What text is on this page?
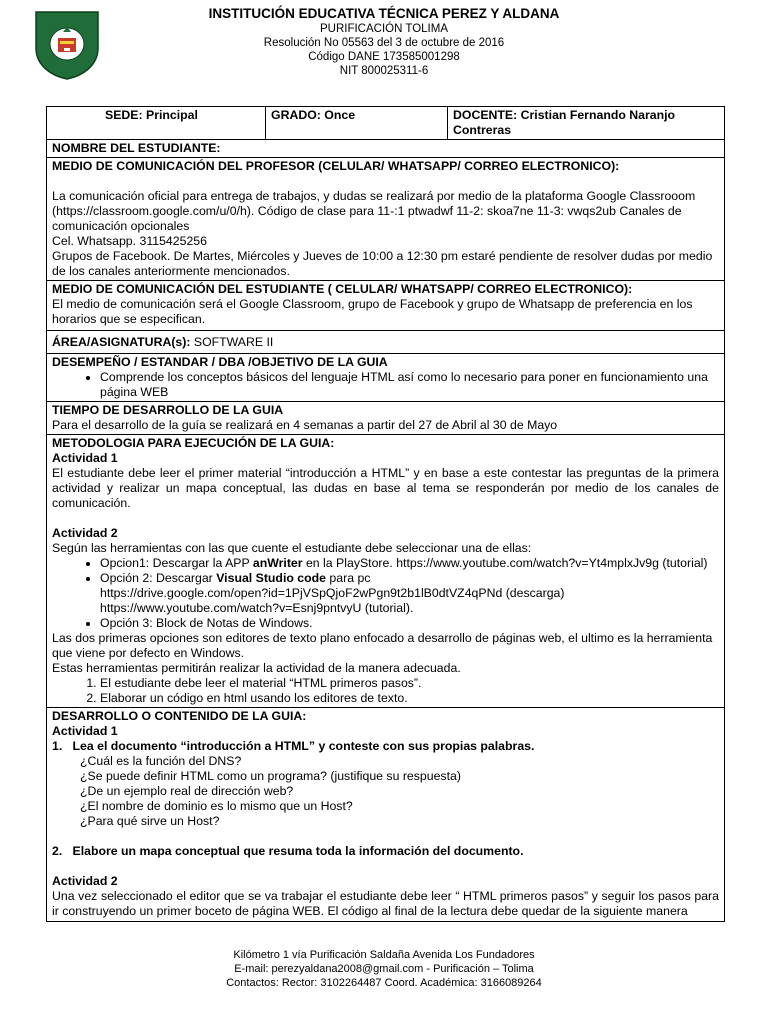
INSTITUCIÓN EDUCATIVA TÉCNICA PEREZ Y ALDANA
PURIFICACIÓN TOLIMA
Resolución No 05563 del 3 de octubre de 2016
Código DANE 173585001298
NIT 800025311-6
SEDE: Principal	GRADO: Once	DOCENTE: Cristian Fernando Naranjo Contreras
NOMBRE DEL ESTUDIANTE:

MEDIO DE COMUNICACIÓN DEL PROFESOR (CELULAR/ WHATSAPP/ CORREO ELECTRONICO):

La comunicación oficial para entrega de trabajos, y dudas se realizará por medio de la plataforma Google Classrooom (https://classroom.google.com/u/0/h). Código de clase para 11-:1 ptwadwf 11-2: skoa7ne 11-3: vwqs2ub Canales de comunicación opcionales

Cel. Whatsapp. 3115425256

Grupos de Facebook. De Martes, Miércoles y Jueves de 10:00 a 12:30 pm estaré pendiente de resolver dudas por medio de los canales anteriormente mencionados.

MEDIO DE COMUNICACIÓN DEL ESTUDIANTE ( CELULAR/ WHATSAPP/ CORREO ELECTRONICO):

El medio de comunicación será el Google Classroom, grupo de Facebook y grupo de Whatsapp de preferencia en los horarios que se especifican.

ÁREA/ASIGNATURA(s): SOFTWARE II

DESEMPEÑO / ESTANDAR / DBA /OBJETIVO DE LA GUIA

• Comprende los conceptos básicos del lenguaje HTML así como lo necesario para poner en funcionamiento una página WEB

TIEMPO DE DESARROLLO DE LA GUIA

Para el desarrollo de la guía se realizará en 4 semanas a partir del 27 de Abril al 30 de Mayo

METODOLOGIA PARA EJECUCIÓN DE LA GUIA:

Actividad 1

El estudiante debe leer el primer material “introducción a HTML” y en base a este contestar las preguntas de la primera actividad y realizar un mapa conceptual, las dudas en base al tema se responderán por medio de los canales de comunicación.

Actividad 2

Según las herramientas con las que cuente el estudiante debe seleccionar una de ellas:

• Opcion1: Descargar la APP anWriter en la PlayStore. https://www.youtube.com/watch?v=Yt4mplxJv9g (tutorial)
• Opción 2: Descargar Visual Studio code para pc
https://drive.google.com/open?id=1PjVSpQjoF2wPgn9t2b1lB0dtVZ4qPNd (descarga)
https://www.youtube.com/watch?v=Esnj9pntvyU (tutorial).
• Opción 3: Block de Notas de Windows.

Las dos primeras opciones son editores de texto plano enfocado a desarrollo de páginas web, el ultimo es la herramienta que viene por defecto en Windows.

Estas herramientas permitirán realizar la actividad de la manera adecuada.

1. El estudiante debe leer el material “HTML primeros pasos”.
2. Elaborar un código en html usando los editores de texto.

DESARROLLO O CONTENIDO DE LA GUIA:

Actividad 1

1. Lea el documento “introducción a HTML” y conteste con sus propias palabras.

¿Cuál es la función del DNS?

¿Se puede definir HTML como un programa? (justifique su respuesta)

¿De un ejemplo real de dirección web?

¿El nombre de dominio es lo mismo que un Host?

¿Para qué sirve un Host?

2. Elabore un mapa conceptual que resuma toda la información del documento.

Actividad 2

Una vez seleccionado el editor que se va trabajar el estudiante debe leer “ HTML primeros pasos” y seguir los pasos para ir construyendo un primer boceto de página WEB. El código al final de la lectura debe quedar de la siguiente manera

Kilómetro 1 vía Purificación Saldaña Avenida Los Fundadores
E-mail: perezyaldana2008@gmail.com - Purificación – Tolima
Contactos: Rector: 3102264487 Coord. Académica: 3166089264
